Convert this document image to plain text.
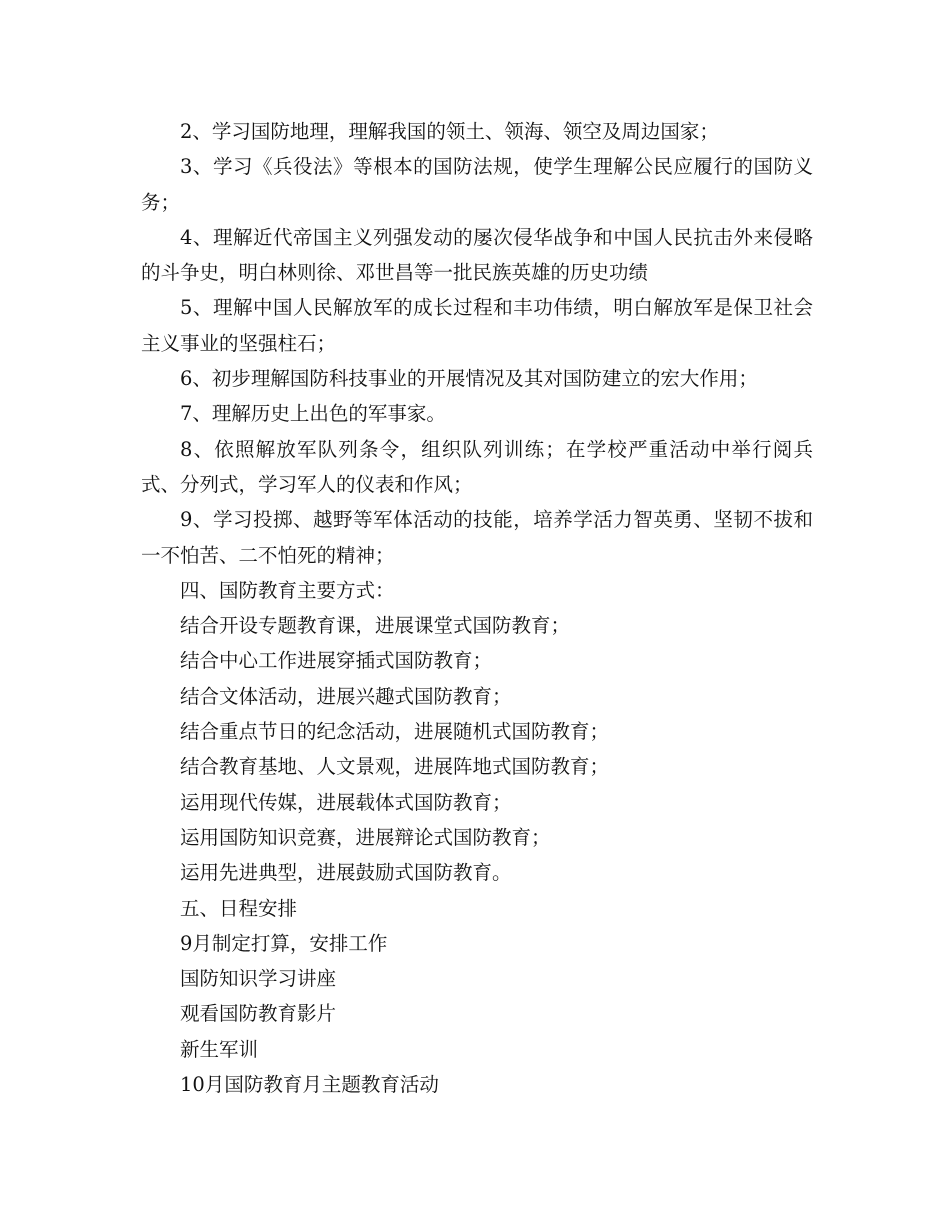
2、学习国防地理，理解我国的领土、领海、领空及周边国家；

3、学习《兵役法》等根本的国防法规，使学生理解公民应履行的国防义务；

4、理解近代帝国主义列强发动的屡次侵华战争和中国人民抗击外来侵略的斗争史，明白林则徐、邓世昌等一批民族英雄的历史功绩

5、理解中国人民解放军的成长过程和丰功伟绩，明白解放军是保卫社会主义事业的坚强柱石；

6、初步理解国防科技事业的开展情况及其对国防建立的宏大作用；

7、理解历史上出色的军事家。

8、依照解放军队列条令，组织队列训练；在学校严重活动中举行阅兵式、分列式，学习军人的仪表和作风；

9、学习投掷、越野等军体活动的技能，培养学活力智英勇、坚韧不拔和一不怕苦、二不怕死的精神；

四、国防教育主要方式：

结合开设专题教育课，进展课堂式国防教育；

结合中心工作进展穿插式国防教育；

结合文体活动，进展兴趣式国防教育；

结合重点节日的纪念活动，进展随机式国防教育；

结合教育基地、人文景观，进展阵地式国防教育；

运用现代传媒，进展载体式国防教育；

运用国防知识竞赛，进展辩论式国防教育；

运用先进典型，进展鼓励式国防教育。

五、日程安排

9月制定打算，安排工作

国防知识学习讲座

观看国防教育影片

新生军训

10月国防教育月主题教育活动
